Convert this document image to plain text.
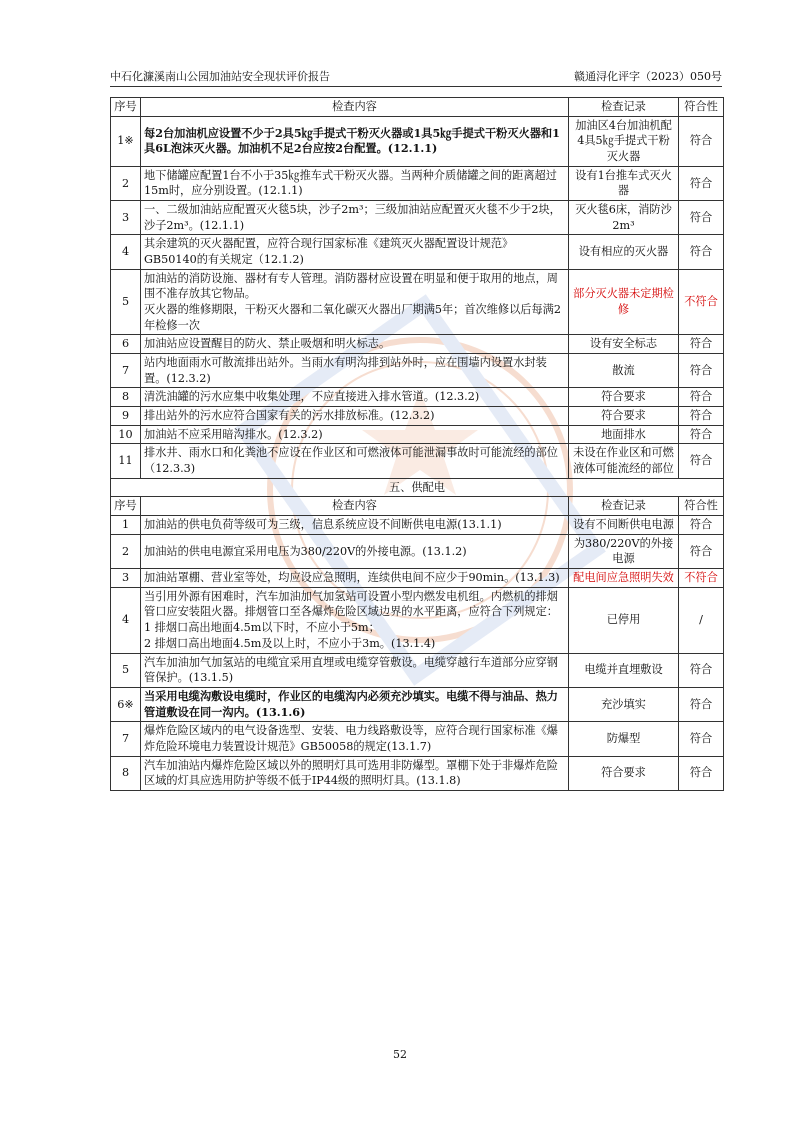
中石化濂溪南山公园加油站安全现状评价报告	赣通浔化评字（2023）050号
序号	检查内容	检查记录	符合性
1※	每2台加油机应设置不少于2具5㎏手提式干粉灭火器或1具5㎏手提式干粉灭火器和1具6L泡沫灭火器。加油机不足2台应按2台配置。(12.1.1)	加油区4台加油机配4具5㎏手提式干粉灭火器	符合
2	地下储罐应配置1台不小于35㎏推车式干粉灭火器。当两种介质储罐之间的距离超过15m时，应分别设置。(12.1.1)	设有1台推车式灭火器	符合
3	一、二级加油站应配置灭火毯5块，沙子2m³；三级加油站应配置灭火毯不少于2块，沙子2m³。(12.1.1)	灭火毯6床，消防沙2m³	符合
4	其余建筑的灭火器配置，应符合现行国家标准《建筑灭火器配置设计规范》GB50140的有关规定（12.1.2)	设有相应的灭火器	符合
5	加油站的消防设施、器材有专人管理。消防器材应设置在明显和便于取用的地点，周围不准存放其它物品。
灭火器的维修期限，干粉灭火器和二氧化碳灭火器出厂期满5年；首次维修以后每满2年检修一次	部分灭火器未定期检修	不符合
6	加油站应设置醒目的防火、禁止吸烟和明火标志。	设有安全标志	符合
7	站内地面雨水可散流排出站外。当雨水有明沟排到站外时，应在围墙内设置水封装置。(12.3.2)	散流	符合
8	清洗油罐的污水应集中收集处理，不应直接进入排水管道。(12.3.2)	符合要求	符合
9	排出站外的污水应符合国家有关的污水排放标准。(12.3.2)	符合要求	符合
10	加油站不应采用暗沟排水。(12.3.2)	地面排水	符合
11	排水井、雨水口和化粪池不应设在作业区和可燃液体可能泄漏事故时可能流经的部位（12.3.3)	未设在作业区和可燃液体可能流经的部位	符合
五、供配电			
序号	检查内容	检查记录	符合性
1	加油站的供电负荷等级可为三级，信息系统应设不间断供电电源(13.1.1)	设有不间断供电电源	符合
2	加油站的供电电源宜采用电压为380/220V的外接电源。(13.1.2)	为380/220V的外接电源	符合
3	加油站罩棚、营业室等处，均应设应急照明，连续供电间不应少于90min。(13.1.3)	配电间应急照明失效	不符合
4	当引用外源有困难时，汽车加油加气加氢站可设置小型内燃发电机组。内燃机的排烟管口应安装阻火器。排烟管口至各爆炸危险区域边界的水平距离，应符合下列规定：
1 排烟口高出地面4.5m以下时，不应小于5m；
2 排烟口高出地面4.5m及以上时，不应小于3m。(13.1.4)	已停用	/
5	汽车加油加气加氢站的电缆宜采用直埋或电缆穿管敷设。电缆穿越行车道部分应穿钢管保护。(13.1.5)	电缆并直埋敷设	符合
6※	当采用电缆沟敷设电缆时，作业区的电缆沟内必须充沙填实。电缆不得与油品、热力管道敷设在同一沟内。(13.1.6)	充沙填实	符合
7	爆炸危险区域内的电气设备选型、安装、电力线路敷设等，应符合现行国家标准《爆炸危险环境电力装置设计规范》GB50058的规定(13.1.7)	防爆型	符合
8	汽车加油站内爆炸危险区域以外的照明灯具可选用非防爆型。罩棚下处于非爆炸危险区域的灯具应选用防护等级不低于IP44级的照明灯具。(13.1.8)	符合要求	符合
52
